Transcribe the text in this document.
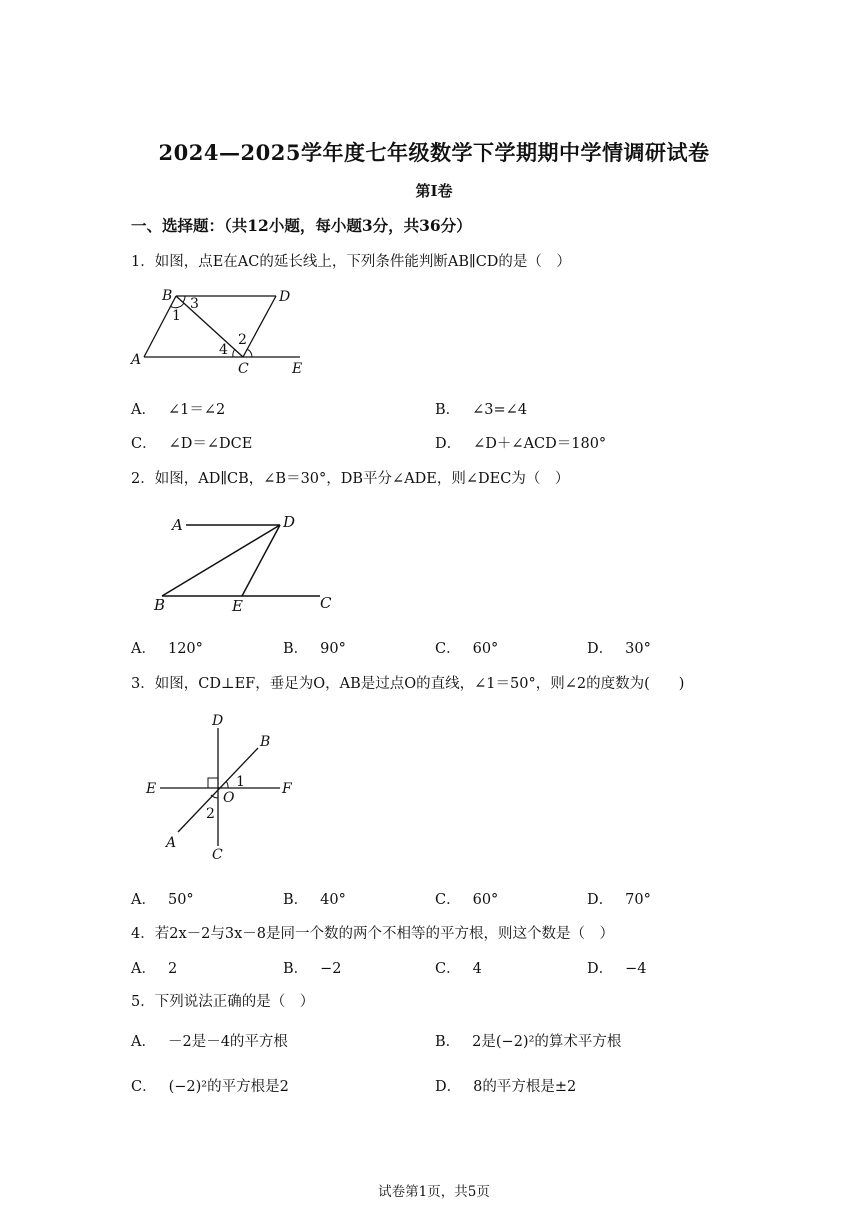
2024—2025学年度七年级数学下学期期中学情调研试卷
第Ⅰ卷
一、选择题：（共12小题，每小题3分，共36分）
1．如图，点E在AC的延长线上，下列条件能判断AB∥CD的是（　）
B 3	D
1
2
4
A
C	E
A． ∠1＝∠2	B． ∠3=∠4
C． ∠D＝∠DCE	D． ∠D＋∠ACD＝180°
2．如图，AD∥CB，∠B＝30°，DB平分∠ADE，则∠DEC为（　）
A	D
B	E	C
A． 120°	B． 90°	C． 60°	D． 30°
3．如图，CD⊥EF，垂足为O，AB是过点O的直线，∠1＝50°，则∠2的度数为(　　)
D
B
E	1	F
O
2
A
C
A． 50°	B． 40°	C． 60°	D． 70°
4．若2x－2与3x－8是同一个数的两个不相等的平方根，则这个数是（　）
A． 2	B． −2	C． 4	D． −4
5．下列说法正确的是（　）
A． －2是－4的平方根	B． 2是(−2)²的算术平方根
C． (−2)²的平方根是2	D． 8的平方根是±2
试卷第1页，共5页
